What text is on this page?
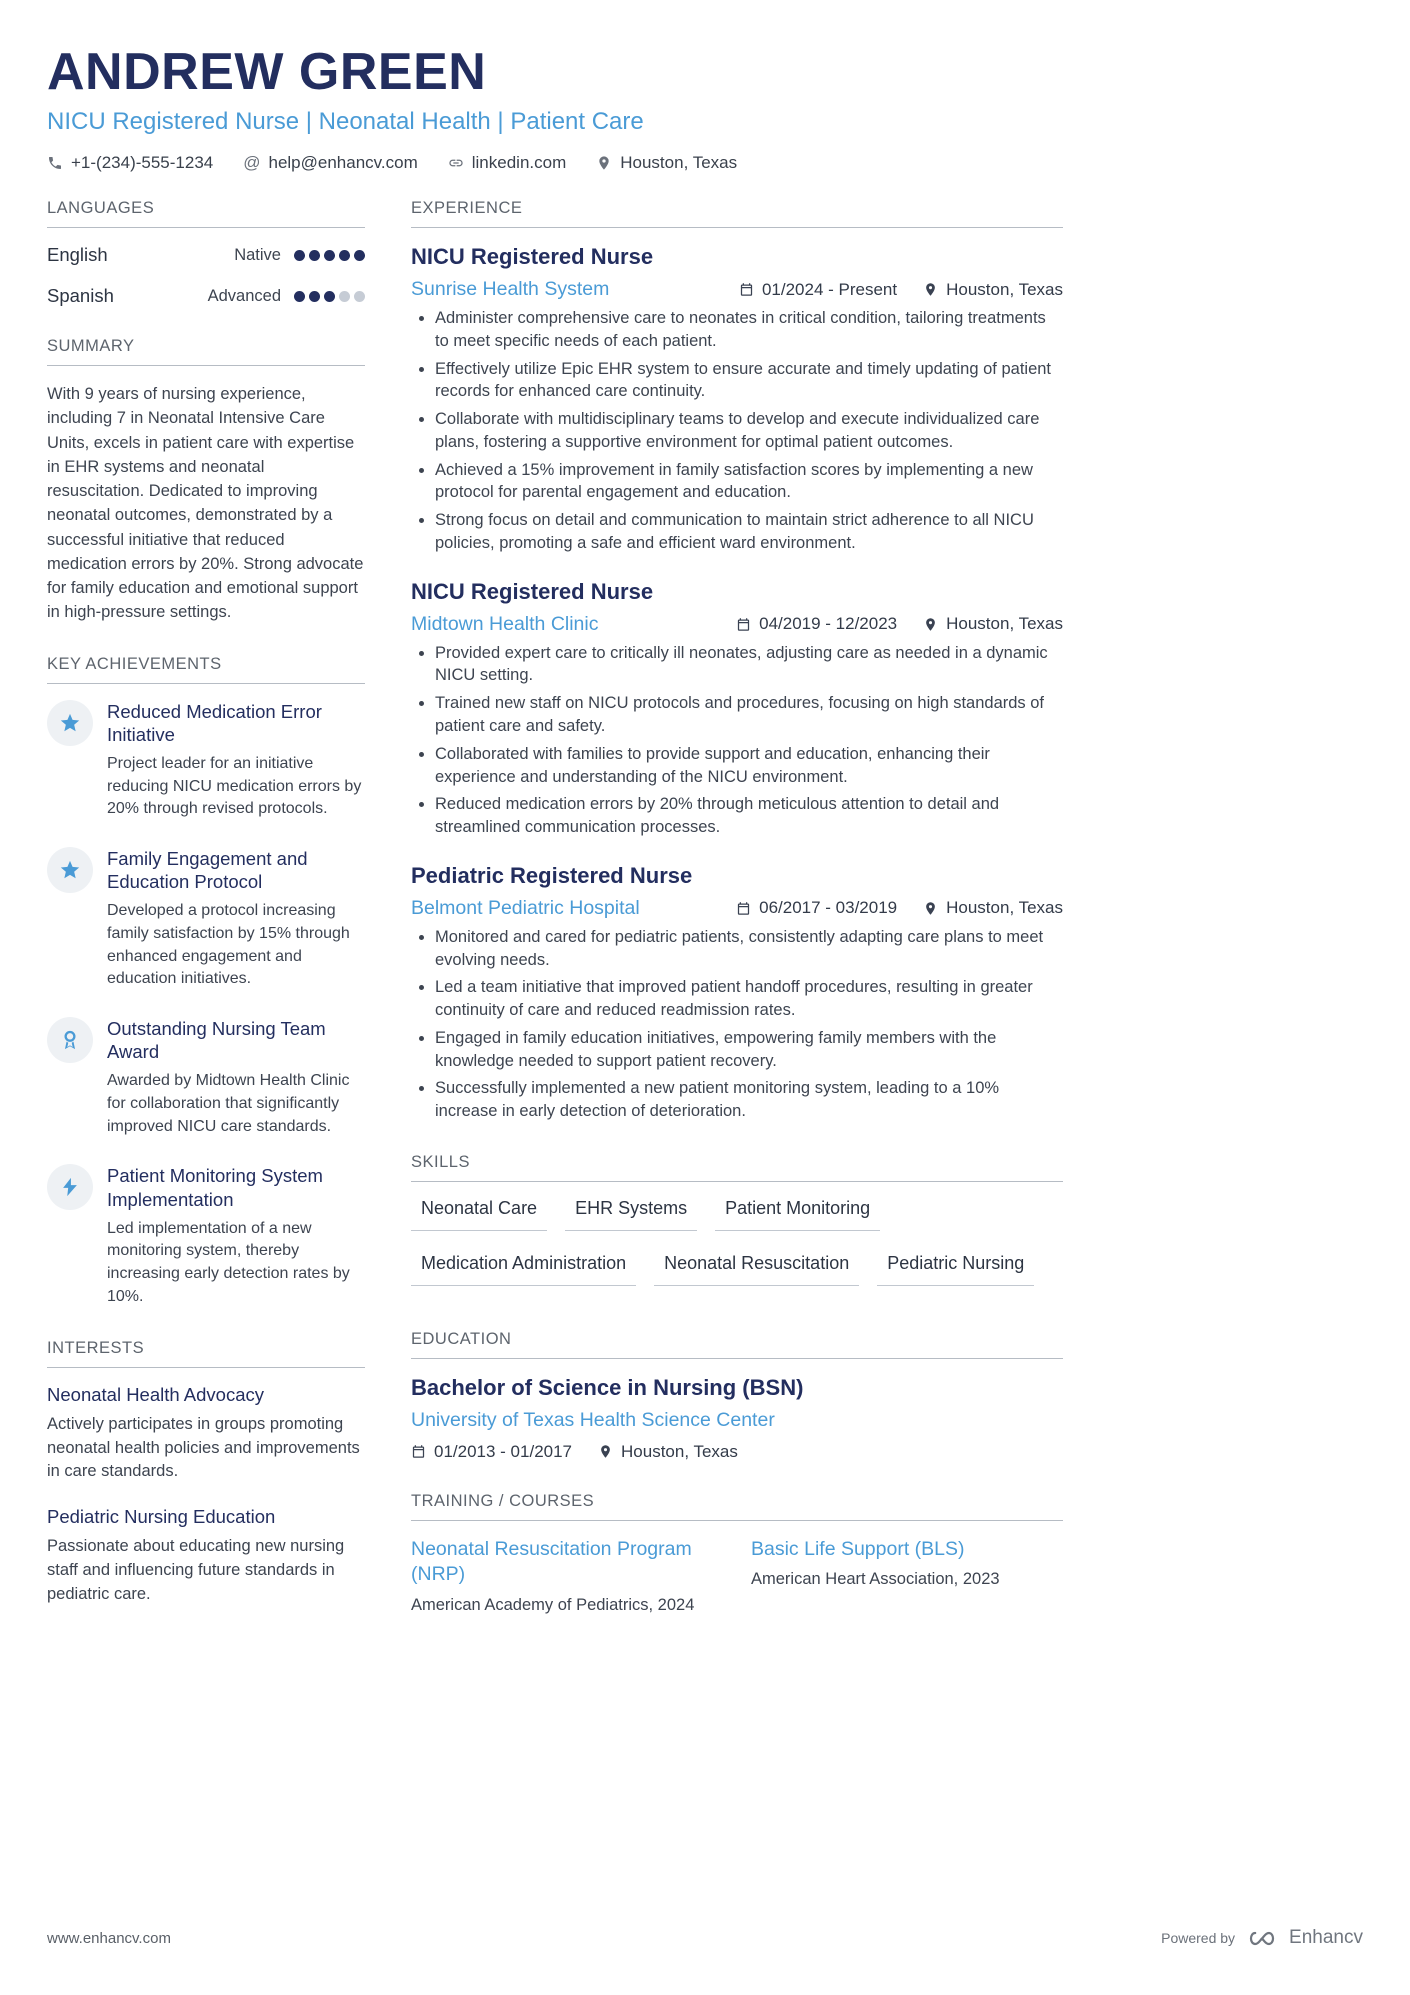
ANDREW GREEN
NICU Registered Nurse | Neonatal Health | Patient Care
+1-(234)-555-1234 @ help@enhancv.com	linkedin.com	Houston, Texas
LANGUAGES
English	Native
Spanish	Advanced
SUMMARY

With 9 years of nursing experience, including 7 in Neonatal Intensive Care Units, excels in patient care with expertise in EHR systems and neonatal resuscitation. Dedicated to improving neonatal outcomes, demonstrated by a successful initiative that reduced medication errors by 20%. Strong advocate for family education and emotional support in high-pressure settings.

KEY ACHIEVEMENTS
Reduced Medication Error Initiative
Project leader for an initiative reducing NICU medication errors by 20% through revised protocols.
Family Engagement and Education Protocol
Developed a protocol increasing family satisfaction by 15% through enhanced engagement and education initiatives.
Outstanding Nursing Team Award
Awarded by Midtown Health Clinic for collaboration that significantly improved NICU care standards.
Patient Monitoring System Implementation
Led implementation of a new monitoring system, thereby increasing early detection rates by 10%.
INTERESTS
Neonatal Health Advocacy
Actively participates in groups promoting neonatal health policies and improvements in care standards.
Pediatric Nursing Education
Passionate about educating new nursing staff and influencing future standards in pediatric care.
EXPERIENCE
NICU Registered Nurse
Sunrise Health System	01/2024 - Present	Houston, Texas
• Administer comprehensive care to neonates in critical condition, tailoring treatments to meet specific needs of each patient.
• Effectively utilize Epic EHR system to ensure accurate and timely updating of patient records for enhanced care continuity.
• Collaborate with multidisciplinary teams to develop and execute individualized care plans, fostering a supportive environment for optimal patient outcomes.
• Achieved a 15% improvement in family satisfaction scores by implementing a new protocol for parental engagement and education.
• Strong focus on detail and communication to maintain strict adherence to all NICU policies, promoting a safe and efficient ward environment.
NICU Registered Nurse
Midtown Health Clinic	04/2019 - 12/2023	Houston, Texas
• Provided expert care to critically ill neonates, adjusting care as needed in a dynamic NICU setting.
• Trained new staff on NICU protocols and procedures, focusing on high standards of patient care and safety.
• Collaborated with families to provide support and education, enhancing their experience and understanding of the NICU environment.
• Reduced medication errors by 20% through meticulous attention to detail and streamlined communication processes.
Pediatric Registered Nurse
Belmont Pediatric Hospital	06/2017 - 03/2019	Houston, Texas
• Monitored and cared for pediatric patients, consistently adapting care plans to meet evolving needs.
• Led a team initiative that improved patient handoff procedures, resulting in greater continuity of care and reduced readmission rates.
• Engaged in family education initiatives, empowering family members with the knowledge needed to support patient recovery.
• Successfully implemented a new patient monitoring system, leading to a 10% increase in early detection of deterioration.
SKILLS
Neonatal Care	EHR Systems	Patient Monitoring
Medication Administration	Neonatal Resuscitation	Pediatric Nursing
EDUCATION
Bachelor of Science in Nursing (BSN)
University of Texas Health Science Center
01/2013 - 01/2017	Houston, Texas
TRAINING / COURSES
Neonatal Resuscitation Program (NRP)
American Academy of Pediatrics, 2024
Basic Life Support (BLS)
American Heart Association, 2023
www.enhancv.com	Powered by	Enhancv
